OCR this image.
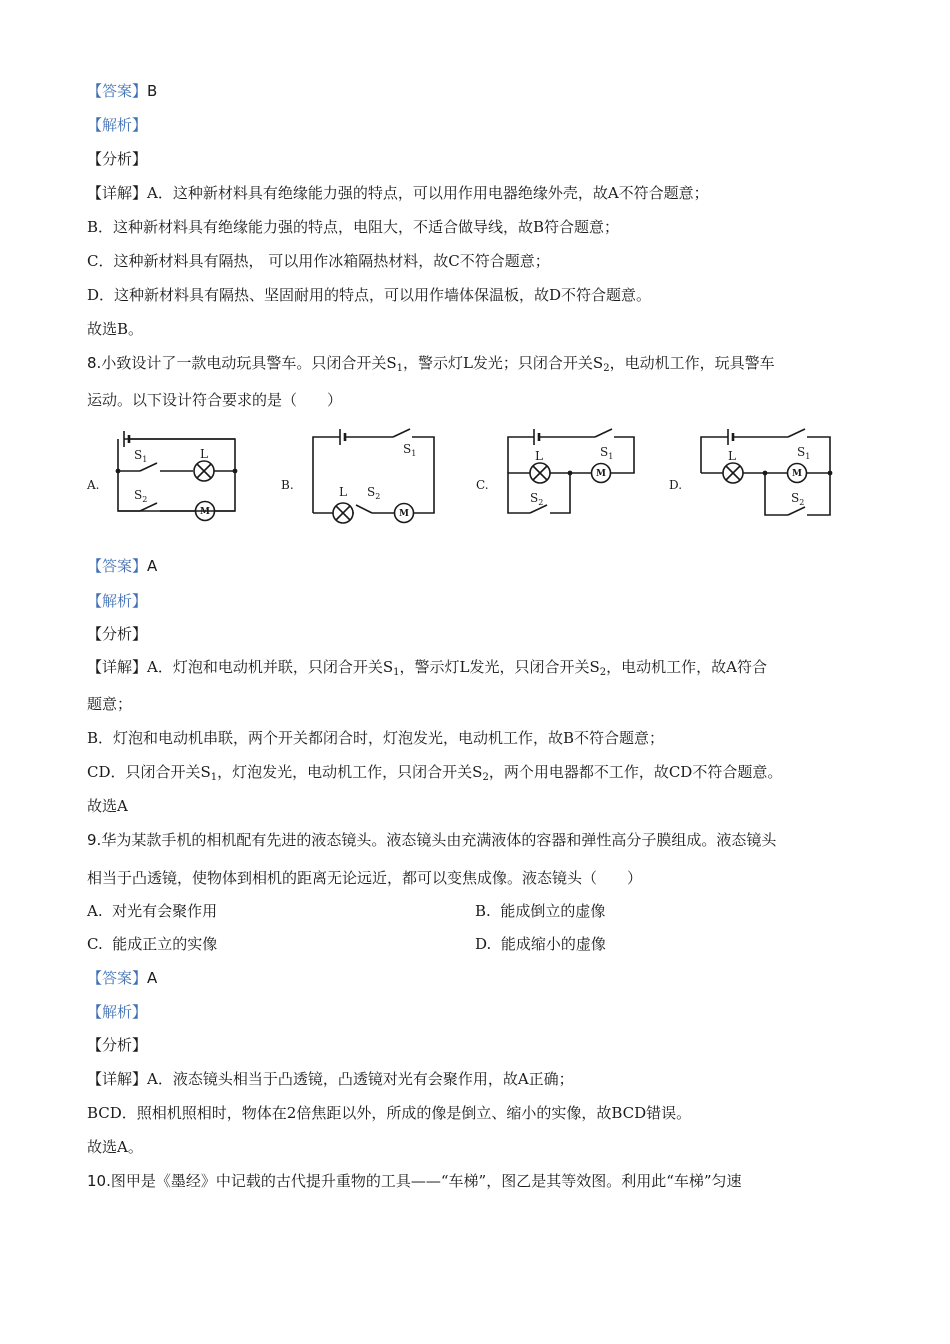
【答案】B
【解析】
【分析】
【详解】A．这种新材料具有绝缘能力强的特点，可以用作用电器绝缘外壳，故A不符合题意；
B．这种新材料具有绝缘能力强的特点，电阻大，不适合做导线，故B符合题意；
C．这种新材料具有隔热， 可以用作冰箱隔热材料，故C不符合题意；
D．这种新材料具有隔热、坚固耐用的特点，可以用作墙体保温板，故D不符合题意。
故选B。
8.小致设计了一款电动玩具警车。只闭合开关$S_1$，警示灯L发光；只闭合开关$S_2$，电动机工作，玩具警车
运动。以下设计符合要求的是（　　）
A.	B.	C.	D.
L
L
L	L
$S_1$
$S_2$
$S_1$
$S_2$
$S_1$
$S_2$
$S_1$
$S_2$
M	M
M	M
【答案】A
【解析】
【分析】
【详解】A．灯泡和电动机并联，只闭合开关$S_1$，警示灯L发光，只闭合开关$S_2$，电动机工作，故A符合
题意；
B．灯泡和电动机串联，两个开关都闭合时，灯泡发光，电动机工作，故B不符合题意；
CD．只闭合开关$S_1$，灯泡发光，电动机工作，只闭合开关$S_2$，两个用电器都不工作，故CD不符合题意。
故选A
9.华为某款手机的相机配有先进的液态镜头。液态镜头由充满液体的容器和弹性高分子膜组成。液态镜头
相当于凸透镜，使物体到相机的距离无论远近，都可以变焦成像。液态镜头（　　）
A. 对光有会聚作用	B. 能成倒立的虚像
C. 能成正立的实像	D. 能成缩小的虚像
【答案】A
【解析】
【分析】
【详解】A．液态镜头相当于凸透镜，凸透镜对光有会聚作用，故A正确；
BCD．照相机照相时，物体在2倍焦距以外，所成的像是倒立、缩小的实像，故BCD错误。
故选A。
10.图甲是《墨经》中记载的古代提升重物的工具——“车梯”，图乙是其等效图。利用此“车梯”匀速
